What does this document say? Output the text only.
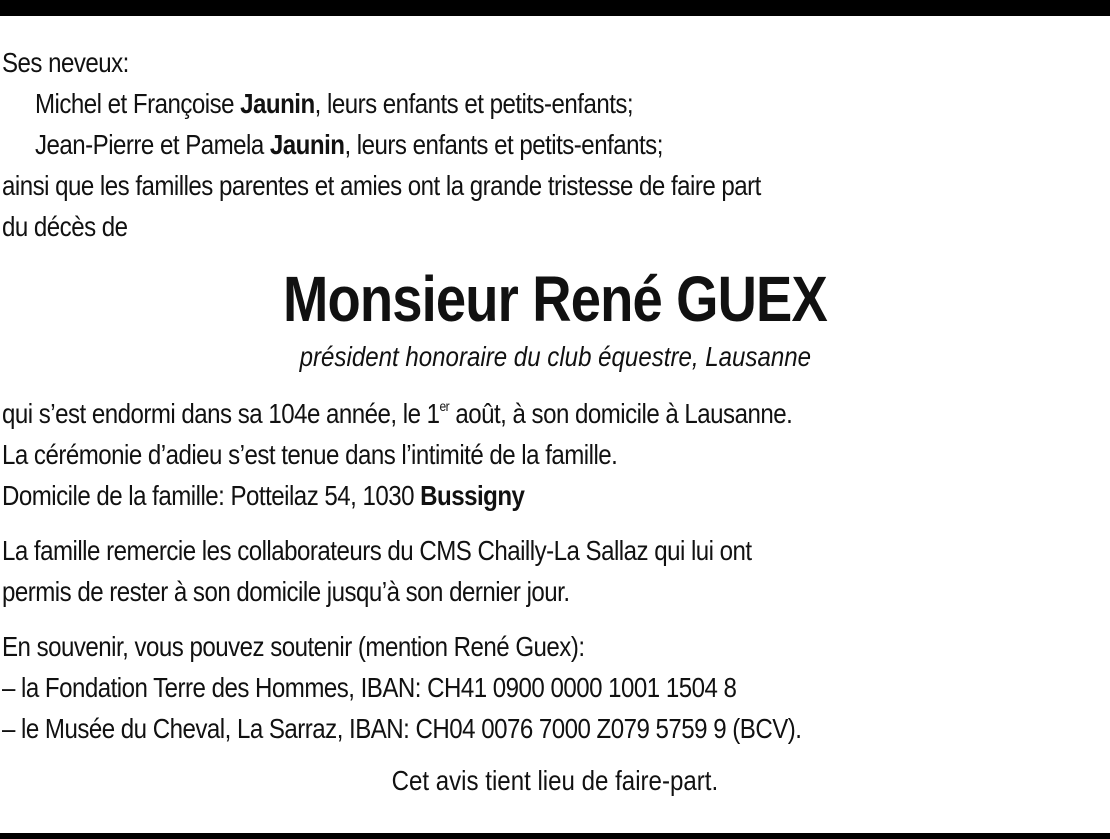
Ses neveux:
Michel et Françoise Jaunin, leurs enfants et petits-enfants;
Jean-Pierre et Pamela Jaunin, leurs enfants et petits-enfants;
ainsi que les familles parentes et amies ont la grande tristesse de faire part
du décès de
Monsieur René GUEX
président honoraire du club équestre, Lausanne
qui s’est endormi dans sa 104e année, le 1er août, à son domicile à Lausanne.
La cérémonie d’adieu s’est tenue dans l’intimité de la famille.
Domicile de la famille: Potteilaz 54, 1030 Bussigny
La famille remercie les collaborateurs du CMS Chailly-La Sallaz qui lui ont
permis de rester à son domicile jusqu’à son dernier jour.
En souvenir, vous pouvez soutenir (mention René Guex):
– la Fondation Terre des Hommes, IBAN: CH41 0900 0000 1001 1504 8
– le Musée du Cheval, La Sarraz, IBAN: CH04 0076 7000 Z079 5759 9 (BCV).
Cet avis tient lieu de faire-part.
